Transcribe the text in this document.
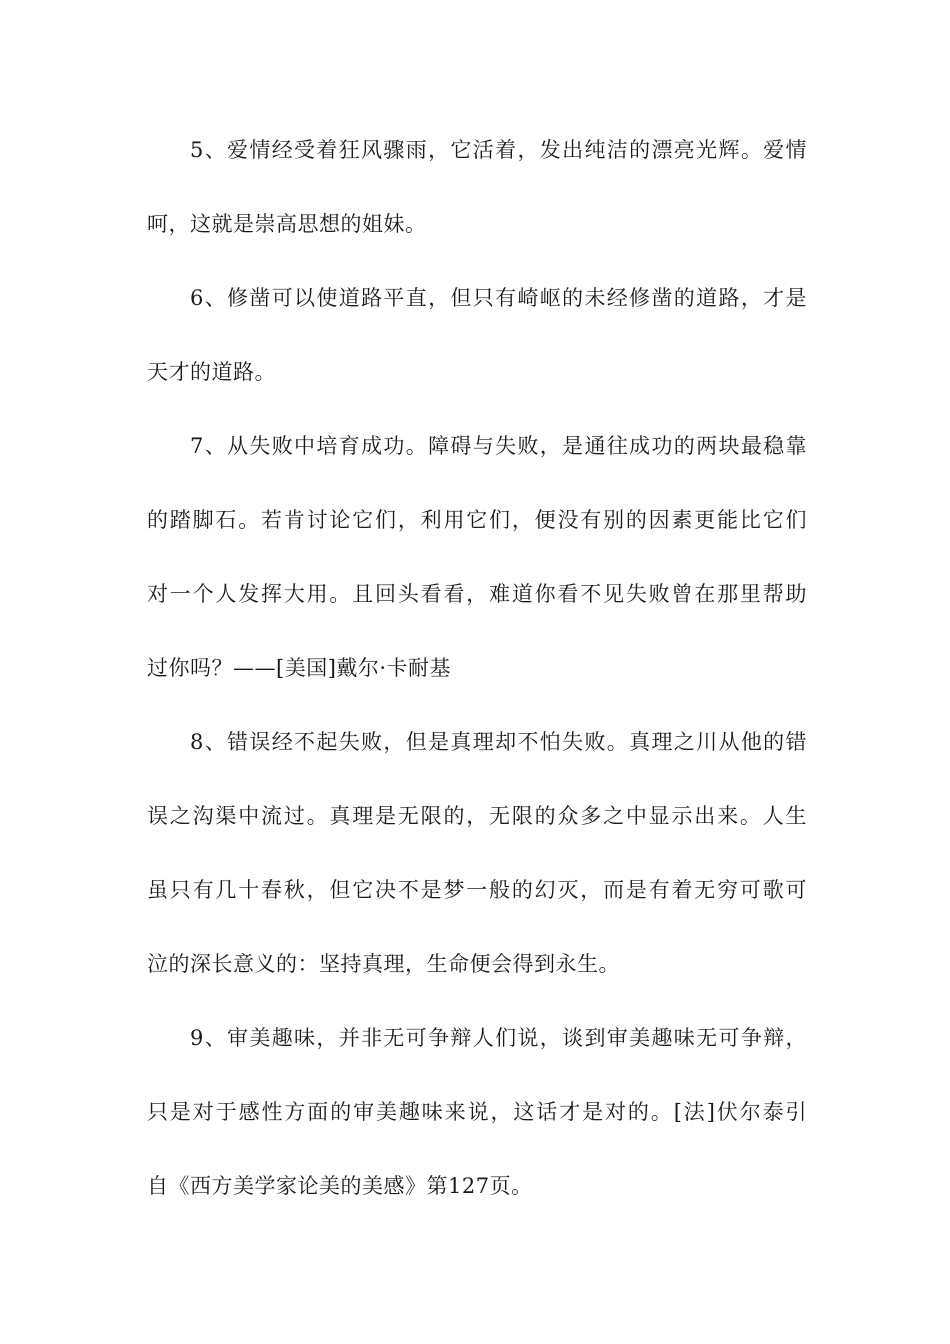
5、爱情经受着狂风骤雨，它活着，发出纯洁的漂亮光辉。爱情
呵，这就是崇高思想的姐妹。
6、修凿可以使道路平直，但只有崎岖的未经修凿的道路，才是
天才的道路。
7、从失败中培育成功。障碍与失败，是通往成功的两块最稳靠
的踏脚石。若肯讨论它们，利用它们，便没有别的因素更能比它们
对一个人发挥大用。且回头看看，难道你看不见失败曾在那里帮助
过你吗？——[美国]戴尔·卡耐基
8、错误经不起失败，但是真理却不怕失败。真理之川从他的错
误之沟渠中流过。真理是无限的，无限的众多之中显示出来。人生
虽只有几十春秋，但它决不是梦一般的幻灭，而是有着无穷可歌可
泣的深长意义的：坚持真理，生命便会得到永生。
9、审美趣味，并非无可争辩人们说，谈到审美趣味无可争辩，
只是对于感性方面的审美趣味来说，这话才是对的。[法]伏尔泰引
自《西方美学家论美的美感》第127页。
